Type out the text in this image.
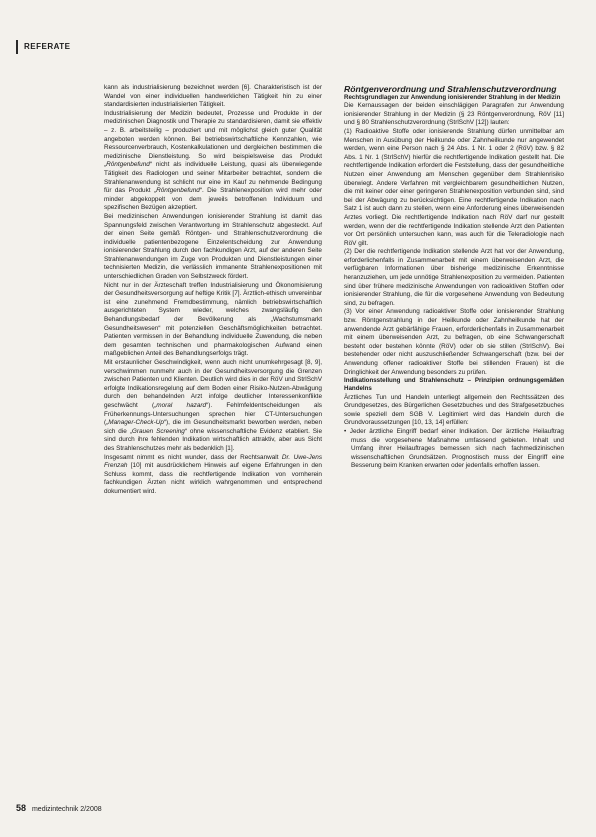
REFERATE

kann als industrialisierung bezeichnet werden [6]. Charakteristisch ist der Wandel von einer individuellen handwerklichen Tätigkeit hin zu einer standardisierten industrialisierten Tätigkeit.

Industrialisierung der Medizin bedeutet, Prozesse und Produkte in der medizinischen Diagnostik und Therapie zu standardisieren, damit sie effektiv – z. B. arbeitsteilig – produziert und mit möglichst gleich guter Qualität angeboten werden können. Bei betriebswirtschaftliche Kennzahlen, wie Ressourcenverbrauch, Kostenkalkulationen und dergleichen bestimmen die medizinische Dienstleistung. So wird beispielsweise das Produkt „Röntgenbefund“ nicht als individuelle Leistung, quasi als überwiegende Tätigkeit des Radiologen und seiner Mitarbeiter betrachtet, sondern die Strahlenanwendung ist schlicht nur eine im Kauf zu nehmende Bedingung für das Produkt „Röntgenbefund“. Die Strahlenexposition wird mehr oder minder abgekoppelt von dem jeweils betroffenen Individuum und spezifischen Bezügen akzeptiert.

Bei medizinischen Anwendungen ionisierender Strahlung ist damit das Spannungsfeld zwischen Verantwortung im Strahlenschutz abgesteckt. Auf der einen Seite gemäß Röntgen- und Strahlenschutzverordnung die individuelle patientenbezogene Einzelentscheidung zur Anwendung ionisierender Strahlung durch den fachkundigen Arzt, auf der anderen Seite Strahlenanwendungen im Zuge von Produkten und Dienstleistungen einer technisierten Medizin, die verlässlich immanente Strahlenexpositionen mit unterschiedlichen Graden von Selbstzweck fördert.

Nicht nur in der Ärzteschaft treffen Industrialisierung und Ökonomisierung der Gesundheitsversorgung auf heftige Kritik [7]. Ärztlich-ethisch unvereinbar ist eine zunehmend Fremdbestimmung, nämlich betriebswirtschaftlich ausgerichteten System wieder, welches zwangsläufig den Behandlungsbedarf der Bevölkerung als „Wachstumsmarkt Gesundheitswesen“ mit potenziellen Geschäftsmöglichkeiten betrachtet. Patienten vermissen in der Behandlung individuelle Zuwendung, die neben dem gesamten technischen und pharmakologischen Aufwand einen maßgeblichen Anteil des Behandlungserfolgs trägt.

Mit erstaunlicher Geschwindigkeit, wenn auch nicht unumkehrgesagt [8, 9], verschwimmen nunmehr auch in der Gesundheitsversorgung die Grenzen zwischen Patienten und Klienten. Deutlich wird dies in der RöV und StrlSchV erfolgte Indikationsregelung auf dem Boden einer Risiko-Nutzen-Abwägung durch den behandelnden Arzt infolge deutlicher Interessenkonflikte geschwächt („moral hazard“). Fehlmfeldentscheidungen als Früherkennungs-Untersuchungen sprechen hier CT-Untersuchungen („Manager-Check-Up“), die im Gesundheitsmarkt beworben werden, neben sich die „Grauen Screening“ ohne wissenschaftliche Evidenz etabliert. Sie sind durch ihre fehlenden Indikation wirtschaftlich attraktiv, aber aus Sicht des Strahlenschutzes mehr als bedenklich [1].

Insgesamt nimmt es nicht wunder, dass der Rechtsanwalt Dr. Uwe-Jens Frenzah [10] mit ausdrücklichem Hinweis auf eigene Erfahrungen in den Schluss kommt, dass die rechtfertigende Indikation von vornherein fachkundigen Ärzten nicht wirklich wahrgenommen und entsprechend dokumentiert wird.

Röntgenverordnung und Strahlenschutzverordnung

Rechtsgrundlagen zur Anwendung ionisierender Strahlung in der Medizin

Die Kernaussagen der beiden einschlägigen Paragrafen zur Anwendung ionisierender Strahlung in der Medizin (§ 23 Röntgenverordnung, RöV [11] und § 80 Strahlenschutzverordnung (StrlSchV [12]) lauten:

(1) Radioaktive Stoffe oder ionisierende Strahlung dürfen unmittelbar am Menschen in Ausübung der Heilkunde oder Zahnheilkunde nur angewendet werden, wenn eine Person nach § 24 Abs. 1 Nr. 1 oder 2 (RöV) bzw. § 82 Abs. 1 Nr. 1 (StrlSchV) hierfür die rechtfertigende Indikation gestellt hat. Die rechtfertigende Indikation erfordert die Feststellung, dass der gesundheitliche Nutzen einer Anwendung am Menschen gegenüber dem Strahlenrisiko überwiegt. Andere Verfahren mit vergleichbarem gesundheitlichen Nutzen, die mit keiner oder einer geringeren Strahlenexposition verbunden sind, sind bei der Abwägung zu berücksichtigen. Eine rechtfertigende Indikation nach Satz 1 ist auch dann zu stellen, wenn eine Anforderung eines überweisenden Arztes vorliegt. Die rechtfertigende Indikation nach RöV darf nur gestellt werden, wenn der die rechtfertigende Indikation stellende Arzt den Patienten vor Ort persönlich untersuchen kann, was auch für die Teleradiologie nach RöV gilt.

(2) Der die rechtfertigende Indikation stellende Arzt hat vor der Anwendung, erforderlichenfalls in Zusammenarbeit mit einem überweisenden Arzt, die verfügbaren Informationen über bisherige medizinische Erkenntnisse heranzuziehen, um jede unnötige Strahlenexposition zu vermeiden. Patienten sind über frühere medizinische Anwendungen von radioaktiven Stoffen oder ionisierender Strahlung, die für die vorgesehene Anwendung von Bedeutung sind, zu befragen.

(3) Vor einer Anwendung radioaktiver Stoffe oder ionisierender Strahlung bzw. Röntgenstrahlung in der Heilkunde oder Zahnheilkunde hat der anwendende Arzt gebärfähige Frauen, erforderlichenfalls in Zusammenarbeit mit einem überweisenden Arzt, zu befragen, ob eine Schwangerschaft besteht oder bestehen könnte (RöV) oder ob sie stillen (StrlSchV). Bei bestehender oder nicht auszuschließender Schwangerschaft (bzw. bei der Anwendung offener radioaktiver Stoffe bei stillenden Frauen) ist die Dringlichkeit der Anwendung besonders zu prüfen.

Indikationsstellung und Strahlenschutz – Prinzipien ordnungsgemäßen Handelns

Ärztliches Tun und Handeln unterliegt allgemein den Rechtssätzen des Grundgesetzes, des Bürgerlichen Gesetzbuches und des Strafgesetzbuches sowie speziell dem SGB V. Legitimiert wird das Handeln durch die Grundvoraussetzungen [10, 13, 14] erfüllen:

• Jeder ärztliche Eingriff bedarf einer Indikation. Der ärztliche Heilauftrag muss die vorgesehene Maßnahme umfassend gebieten. Inhalt und Umfang ihrer Heilauftrages bemessen sich nach fachmedizinischen wissenschaftlichen Grundsätzen. Prognostisch muss der Eingriff eine Besserung beim Kranken erwarten oder jedenfalls erhoffen lassen.

58 medizintechnik 2/2008
